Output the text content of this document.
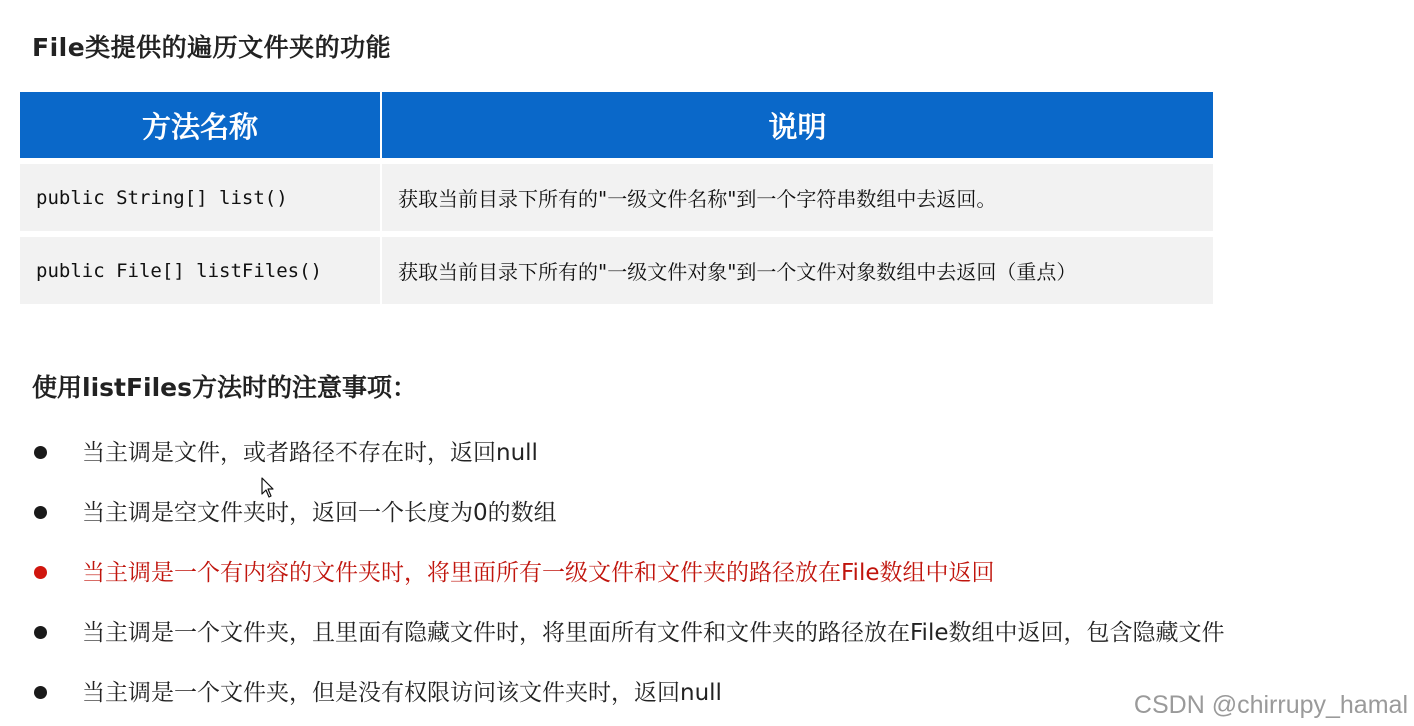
File类提供的遍历文件夹的功能
方法名称	说明
public String[] list()	获取当前目录下所有的"一级文件名称"到一个字符串数组中去返回。
public File[] listFiles()	获取当前目录下所有的"一级文件对象"到一个文件对象数组中去返回（重点）
使用listFiles方法时的注意事项：
当主调是文件，或者路径不存在时，返回null
当主调是空文件夹时，返回一个长度为0的数组
当主调是一个有内容的文件夹时，将里面所有一级文件和文件夹的路径放在File数组中返回
当主调是一个文件夹，且里面有隐藏文件时，将里面所有文件和文件夹的路径放在File数组中返回，包含隐藏文件
当主调是一个文件夹，但是没有权限访问该文件夹时，返回null	CSDN @chirrupy_hamal
